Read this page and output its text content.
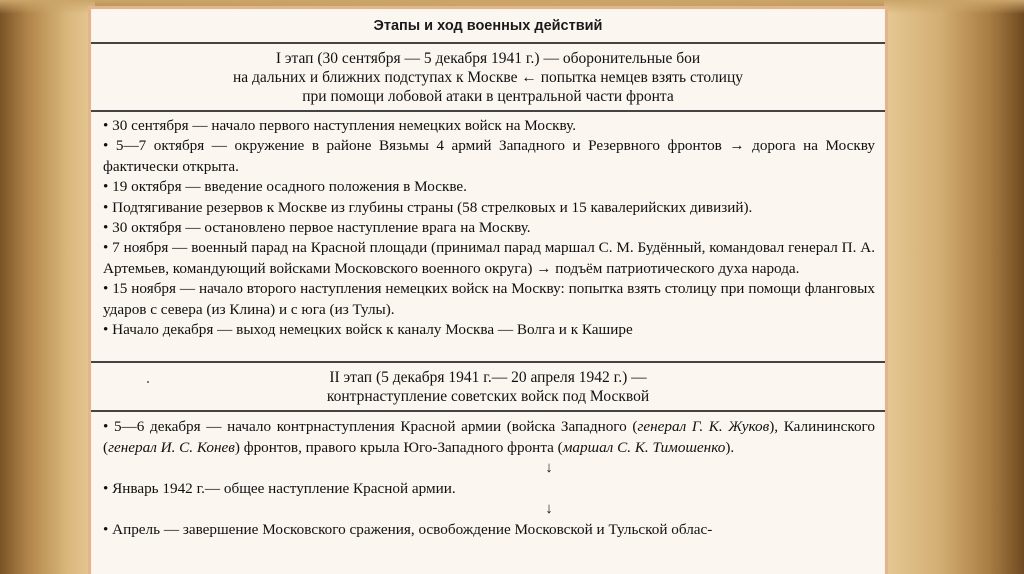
Этапы и ход военных действий
I этап (30 сентября — 5 декабря 1941 г.) — оборонительные бои
на дальних и ближних подступах к Москве ← попытка немцев взять столицу
при помощи лобовой атаки в центральной части фронта

• 30 сентября — начало первого наступления немецких войск на Москву.

• 5—7 октября — окружение в районе Вязьмы 4 армий Западного и Резервного фронтов → дорога на Москву фактически открыта.

• 19 октября — введение осадного положения в Москве.

• Подтягивание резервов к Москве из глубины страны (58 стрелковых и 15 кавалерийских дивизий).

• 30 октября — остановлено первое наступление врага на Москву.

• 7 ноября — военный парад на Красной площади (принимал парад маршал С. М. Будённый, командовал генерал П. А. Артемьев, командующий войсками Московского военного округа) → подъём патриотического духа народа.

• 15 ноября — начало второго наступления немецких войск на Москву: попытка взять столицу при помощи фланговых ударов с севера (из Клина) и с юга (из Тулы).

• Начало декабря — выход немецких войск к каналу Москва — Волга и к Кашире

II этап (5 декабря 1941 г.— 20 апреля 1942 г.) —
контрнаступление советских войск под Москвой

• 5—6 декабря — начало контрнаступления Красной армии (войска Западного (генерал Г. К. Жуков), Калининского (генерал И. С. Конев) фронтов, правого крыла Юго-Западного фронта (маршал С. К. Тимошенко).

↓

• Январь 1942 г.— общее наступление Красной армии.

↓

• Апрель — завершение Московского сражения, освобождение Московской и Тульской облас-
